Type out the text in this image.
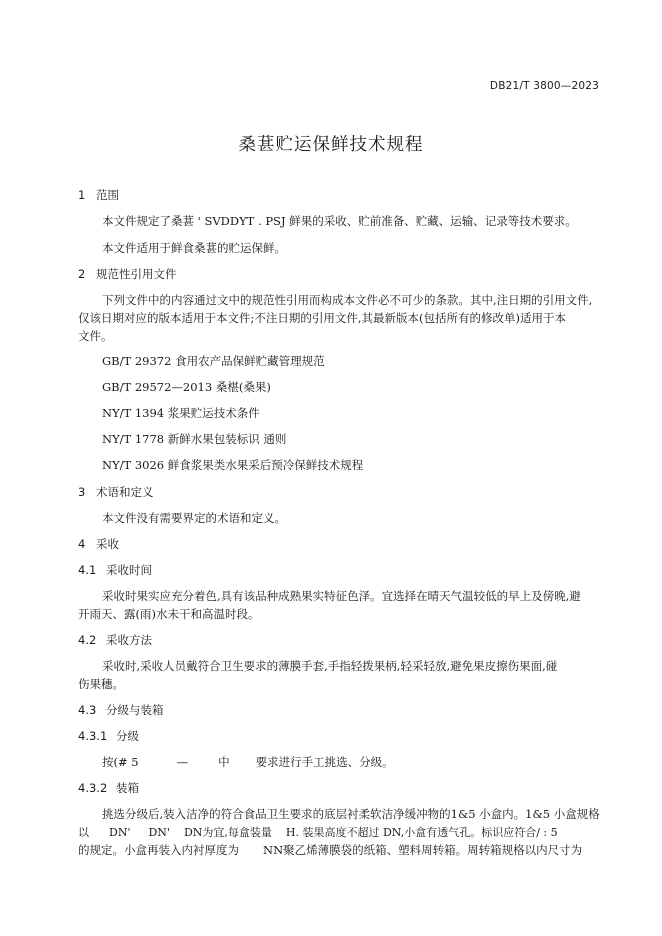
DB21/T 3800—2023
桑葚贮运保鲜技术规程
1 范围
本文件规定了桑葚 ' SVDDYT . PSJ 鲜果的采收、贮前准备、贮藏、运输、记录等技术要求。
本文件适用于鲜食桑葚的贮运保鲜。
2 规范性引用文件
下列文件中的内容通过文中的规范性引用而构成本文件必不可少的条款。其中,注日期的引用文件,
仅该日期对应的版本适用于本文件;不注日期的引用文件,其最新版本(包括所有的修改单)适用于本
文件。
GB/T 29372 食用农产品保鲜贮藏管理规范
GB/T 29572—2013 桑椹(桑果)
NY/T 1394 浆果贮运技术条件
NY/T 1778 新鲜水果包装标识 通则
NY/T 3026 鲜食浆果类水果采后预冷保鲜技术规程
3 术语和定义
本文件没有需要界定的术语和定义。
4 采收
4.1 采收时间
采收时果实应充分着色,具有该品种成熟果实特征色泽。宜选择在晴天气温较低的早上及傍晚,避
开雨天、露(雨)水未干和高温时段。
4.2 采收方法
采收时,采收人员戴符合卫生要求的薄膜手套,手指轻拨果柄,轻采轻放,避免果皮擦伤果面,碰
伤果穗。
4.3 分级与装箱
4.3.1 分级
按(# 5	—	中 要求进行手工挑选、分级。
4.3.2 装箱
挑选分级后,装入洁净的符合食品卫生要求的底层衬柔软洁净缓冲物的1&5 小盒内。1&5 小盒规格
以 DN' DN' DN为宜,每盒装量 H. 装果高度不超过 DN,小盒有透气孔。标识应符合/ : 5
的规定。小盒再装入内衬厚度为 NN聚乙烯薄膜袋的纸箱、塑料周转箱。周转箱规格以内尺寸为
